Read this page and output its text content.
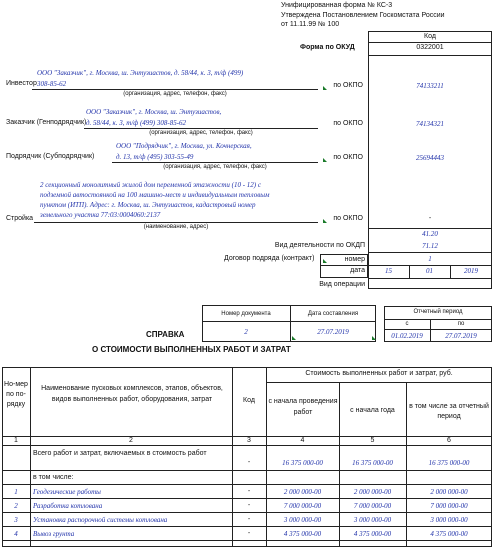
Унифицированная форма № КС-3
Утверждена Постановлением Госкомстата России
от 11.11.99 № 100
Код
Форма по ОКУД	0322001
ООО "Заказчик", г. Москва, ш. Энтузиастов, д. 58/44, к. 3, т/ф (499)
Инвестор 308-85-62
(организация, адрес, телефон, факс)
по ОКПО	74133211
ООО "Заказчик", г. Москва, ш. Энтузиастов,
Заказчик (Генподрядчик) д. 58/44, к. 3, т/ф (499) 308-85-62
(организация, адрес, телефон, факс)
по ОКПО	74134321
ООО "Подрядчик", г. Москва, ул. Кочнерская,
Подрядчик (Субподрядчик)	д. 13, т/ф (495) 303-55-49
(организация, адрес, телефон, факс)
по ОКПО	25694443
2 секционный монолитный жилой дом переменной этажности (10 - 12) с
подземной автостоянкой на 100 машино-мест и индивидуальным тепловым
пунктом (ИТП). Адрес: г. Москва, ш. Энтузиастов, кадастровый номер
Стройка земельного участка 77:03:0004060:2137
(наименование, адрес)
по ОКПО	-
41.20
Вид деятельности по ОКДП	71.12
Договор подряда (контракт)	номер	1
дата	15	01	2019
Вид операции
Номер документа	Дата составления
2	27.07.2019
Отчетный период
с	по
01.02.2019	27.07.2019
СПРАВКА
О СТОИМОСТИ ВЫПОЛНЕННЫХ РАБОТ И ЗАТРАТ
Но-мер по по-рядку
Наименование пусковых комплексов, этапов, объектов, видов выполненных работ, оборудования, затрат	Код
Стоимость выполненных работ и затрат, руб.
с начала проведения работ	с начала года
в том числе за отчетный период
1	2	3	4	5	6
Всего работ и затрат, включаемых в стоимость работ
-	16 375 000-00	16 375 000-00	16 375 000-00
в том числе:
1	Геодезические работы	-	2 000 000-00	2 000 000-00	2 000 000-00
2	Разработка котлована	-	7 000 000-00	7 000 000-00	7 000 000-00
3	Установка распорочной системы котлована	-	3 000 000-00	3 000 000-00	3 000 000-00
4	Вывоз грунта	-	4 375 000-00	4 375 000-00	4 375 000-00
